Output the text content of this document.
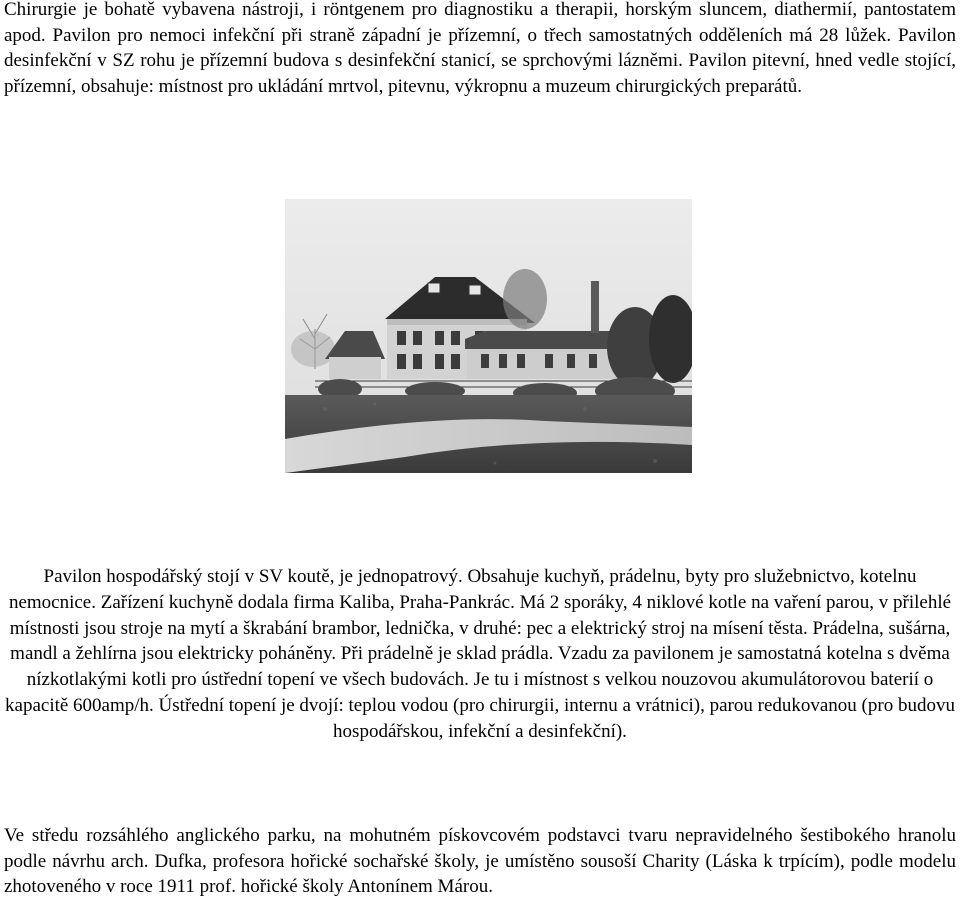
Chirurgie je bohatě vybavena nástroji, i röntgenem pro diagnostiku a therapii, horským sluncem, diathermií, pantostatem apod. Pavilon pro nemoci infekční při straně západní je přízemní, o třech samostatných odděleních má 28 lůžek. Pavilon desinfekční v SZ rohu je přízemní budova s desinfekční stanicí, se sprchovými lázněmi. Pavilon pitevní, hned vedle stojící, přízemní, obsahuje: místnost pro ukládání mrtvol, pitevnu, výkropnu a muzeum chirurgických preparátů.

Pavilon hospodářský stojí v SV koutě, je jednopatrový. Obsahuje kuchyň, prádelnu, byty pro služebnictvo, kotelnu nemocnice. Zařízení kuchyně dodala firma Kaliba, Praha-Pankrác. Má 2 sporáky, 4 niklové kotle na vaření parou, v přilehlé místnosti jsou stroje na mytí a škrabání brambor, lednička, v druhé: pec a elektrický stroj na mísení těsta. Prádelna, sušárna, mandl a žehlírna jsou elektricky poháněny. Při prádelně je sklad prádla. Vzadu za pavilonem je samostatná kotelna s dvěma nízkotlakými kotli pro ústřední topení ve všech budovách. Je tu i místnost s velkou nouzovou akumulátorovou baterií o kapacitě 600amp/h. Ústřední topení je dvojí: teplou vodou (pro chirurgii, internu a vrátnici), parou redukovanou (pro budovu hospodářskou, infekční a desinfekční).

Ve středu rozsáhlého anglického parku, na mohutném pískovcovém podstavci tvaru nepravidelného šestibokého hranolu podle návrhu arch. Dufka, profesora hořické sochařské školy, je umístěno sousoší Charity (Láska k trpícím), podle modelu zhotoveného v roce 1911 prof. hořické školy Antonínem Márou.
